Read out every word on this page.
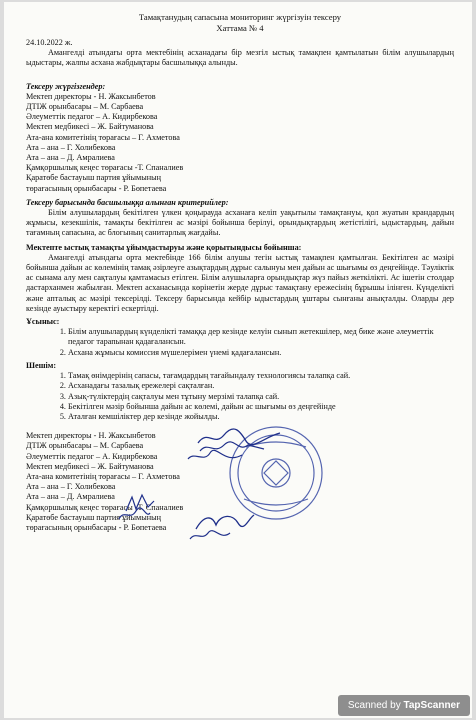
Тамақтанудың сапасына мониторинг жүргізуін тексеру
Хаттама № 4
24.10.2022 ж.
Амангелді атындағы орта мектебінің асханадағы бір мезгіл ыстық тамақпен қамтылатын білім алушылардың ыдыстары, жалпы асхана жабдықтары басшылыққа алынды.
Тексеру жүргізгендер:
Мектеп директоры - Н. Жаксынбетов
ДТІЖ орынбасары – М. Сарбаева
Әлеуметтік педагог – А. Кидирбекова
Мектеп медбикесі – Ж. Байтуманова
Ата-ана комитетінің төрағасы – Г. Ахметова
Ата – ана – Г. Холибекова
Ата – ана – Д. Амралиева
Қамқоршылық кеңес төрағасы -Т. Спаналиев
Қаратөбе бастауыш партия ұйымының
төрағасының орынбасары - Р. Бөпетаева
Тексеру барысында басшылыққа алынған критерийлер:
Білім алушылардың бекітілген үлкен қоңырауда асханаға келіп уақытылы тамақтануы, қол жуатын крандардың жұмысы, кезекшілік, тамақты бекітілген ас мәзірі бойынша берілуі, орындықтардың жетістілігі, ыдыстардың, дайын тағамның сапасына, ас блогының санитарлық жағдайы.
Мектепте ыстық тамақты ұйымдастыруы және қорытындысы бойынша:
Амангелді атындағы орта мектебінде 166 білім алушы тегін ыстық тамақпен қамтылған. Бекітілген ас мәзірі бойынша дайын ас көлемінің тамақ әзірлеуге азықтардың дұрыс салынуы мен дайын ас шығымы өз деңгейінде. Тәуліктік ас сынама алу мен сақталуы қамтамасыз етілген. Білім алушыларға орындықтар жүз пайыз жеткілікті. Ас ішетін столдар дастарханмен жабылған. Мектеп асханасында көрінетін жерде дұрыс тамақтану ережесінің бұрышы ілінген. Күнделікті және апталық ас мәзірі тексерілді. Тексеру барысында кейбір ыдыстардың ұштары сынғаны анықталды. Оларды дер кезінде ауыстыру керектігі ескертілді.
Ұсыныс:
1. Білім алушылардың күнделікті тамаққа дер кезінде келуін сынып жетекшілер, мед бике және әлеуметтік педагог тарапынан қадағалансын.
2. Асхана жұмысы комиссия мүшелерімен үнемі қадағалансын.
Шешім:
1. Тамақ өнімдерінің сапасы, тағамдардың тағайындалу технологиясы талапқа сай.
2. Асханадағы тазалық ережелері сақталған.
3. Азық-түліктердің сақталуы мен тұтыну мерзімі талапқа сай.
4. Бекітілген мәзір бойынша дайын ас көлемі, дайын ас шығымы өз деңгейінде
5. Аталған кемшіліктер дер кезінде жойылды.
Мектеп директоры - Н. Жаксынбетов
ДТІЖ орынбасары – М. Сарбаева
Әлеуметтік педагог – А. Кидирбекова
Мектеп медбикесі – Ж. Байтуманова
Ата-ана комитетінің төрағасы – Г. Ахметова
Ата – ана – Г. Холибекова
Ата – ана – Д. Амралиева
Қамқоршылық кеңес төрағасы -Т. Спаналиев
Қаратөбе бастауыш партия ұйымының
төрағасының орынбасары - Р. Бөпетаева
Scanned by TapScanner
